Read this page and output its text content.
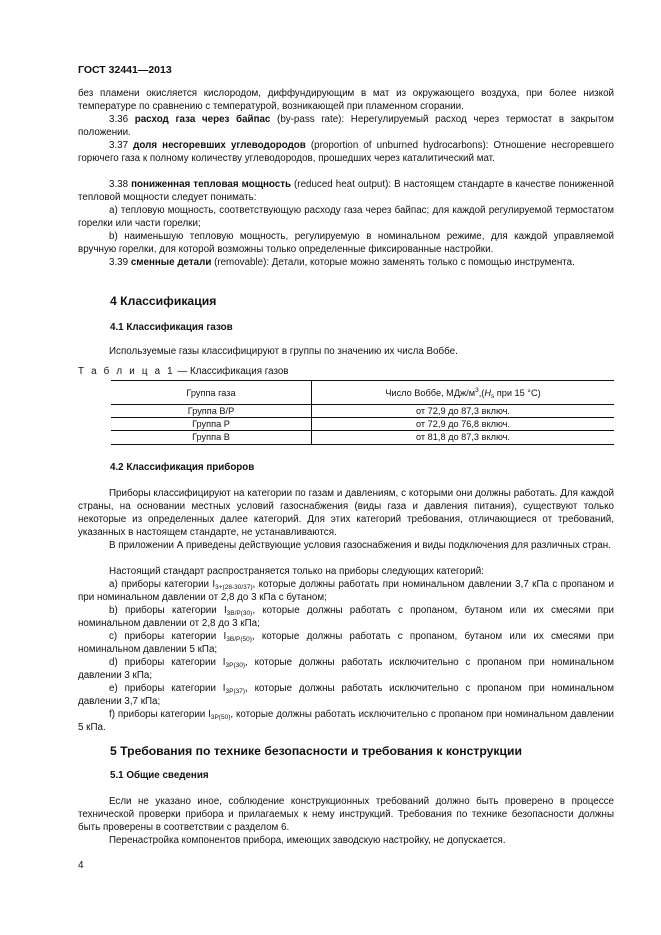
ГОСТ 32441—2013
без пламени окисляется кислородом, диффундирующим в мат из окружающего воздуха, при более низкой температуре по сравнению с температурой, возникающей при пламенном сгорании.
3.36 расход газа через байпас (by-pass rate): Нерегулируемый расход через термостат в закрытом положении.
3.37 доля несгоревших углеводородов (proportion of unburned hydrocarbons): Отношение несгоревшего горючего газа к полному количеству углеводородов, прошедших через каталитический мат.
3.38 пониженная тепловая мощность (reduced heat output): В настоящем стандарте в качестве пониженной тепловой мощности следует понимать:
а) тепловую мощность, соответствующую расходу газа через байпас; для каждой регулируемой термостатом горелки или части горелки;
b) наименьшую тепловую мощность, регулируемую в номинальном режиме, для каждой управляемой вручную горелки, для которой возможны только определенные фиксированные настройки.
3.39 сменные детали (removable): Детали, которые можно заменять только с помощью инструмента.
4 Классификация
4.1 Классификация газов
Используемые газы классифицируют в группы по значению их числа Воббе.
Т а б л и ц а 1 — Классификация газов
Группа газа	Число Воббе, МДж/$м^3,(H_s$ при 15 °С)
Группа В/Р	от 72,9 до 87,3 включ.
Группа Р	от 72,9 до 76,8 включ.
Группа В	от 81,8 до 87,3 включ.
4.2 Классификация приборов
Приборы классифицируют на категории по газам и давлениям, с которыми они должны работать. Для каждой страны, на основании местных условий газоснабжения (виды газа и давления питания), существуют только некоторые из определенных далее категорий. Для этих категорий требования, отличающиеся от требований, указанных в настоящем стандарте, не устанавливаются.
В приложении А приведены действующие условия газоснабжения и виды подключения для различных стран.
Настоящий стандарт распространяется только на приборы следующих категорий:
а) приборы категории $I_{3+(28-30/37)}$, которые должны работать при номинальном давлении 3,7 кПа с пропаном и при номинальном давлении от 2,8 до 3 кПа с бутаном;
b) приборы категории $I_{3В/Р(30)}$, которые должны работать с пропаном, бутаном или их смесями при номинальном давлении от 2,8 до 3 кПа;
с) приборы категории $I_{3В/Р(50)}$, которые должны работать с пропаном, бутаном или их смесями при номинальном давлении 5 кПа;
d) приборы категории $I_{3Р(30)}$, которые должны работать исключительно с пропаном при номинальном давлении 3 кПа;
е) приборы категории $I_{3Р(37)}$, которые должны работать исключительно с пропаном при номинальном давлении 3,7 кПа;
f) приборы категории $I_{3Р(50)}$, которые должны работать исключительно с пропаном при номинальном давлении 5 кПа.
5 Требования по технике безопасности и требования к конструкции
5.1 Общие сведения
Если не указано иное, соблюдение конструкционных требований должно быть проверено в процессе технической проверки прибора и прилагаемых к нему инструкций. Требования по технике безопасности должны быть проверены в соответствии с разделом 6.
Перенастройка компонентов прибора, имеющих заводскую настройку, не допускается.
4
